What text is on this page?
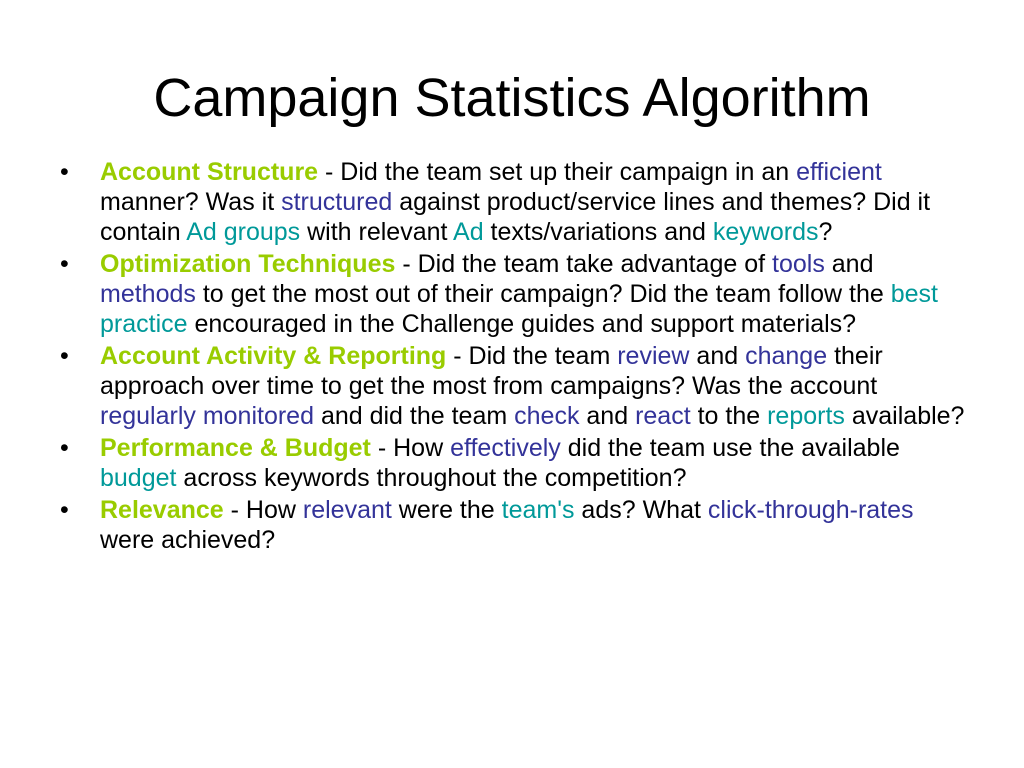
Campaign Statistics Algorithm
• Account Structure - Did the team set up their campaign in an efficient manner? Was it structured against product/service lines and themes? Did it contain Ad groups with relevant Ad texts/variations and keywords?
• Optimization Techniques - Did the team take advantage of tools and methods to get the most out of their campaign? Did the team follow the best practice encouraged in the Challenge guides and support materials?
• Account Activity & Reporting - Did the team review and change their approach over time to get the most from campaigns? Was the account regularly monitored and did the team check and react to the reports available?
• Performance & Budget - How effectively did the team use the available budget across keywords throughout the competition?
• Relevance - How relevant were the team's ads? What click-through-rates were achieved?
